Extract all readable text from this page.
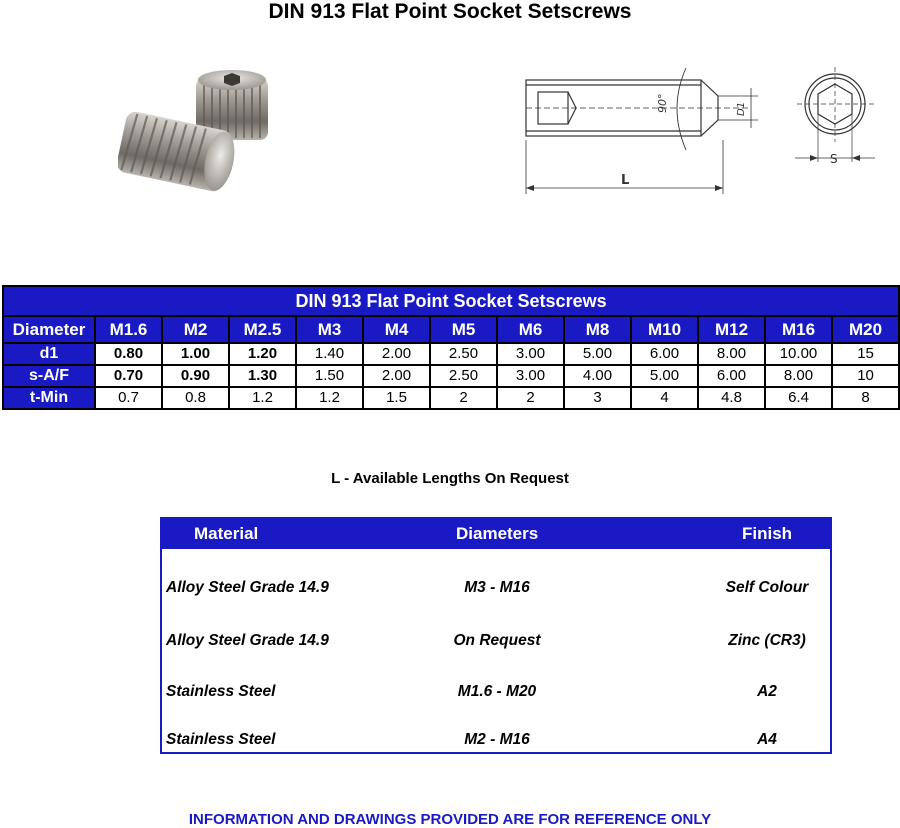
DIN 913 Flat Point Socket Setscrews
90°	D1
L
S
DIN 913 Flat Point Socket Setscrews												
Diameter	M1.6	M2	M2.5	M3	M4	M5	M6	M8	M10	M12	M16	M20
d1	0.80	1.00	1.20	1.40	2.00	2.50	3.00	5.00	6.00	8.00	10.00	15
s-A/F	0.70	0.90	1.30	1.50	2.00	2.50	3.00	4.00	5.00	6.00	8.00	10
t-Min	0.7	0.8	1.2	1.2	1.5	2	2	3	4	4.8	6.4	8
L - Available Lengths On Request
Material	Diameters	Finish
Alloy Steel Grade 14.9	M3 - M16	Self Colour
Alloy Steel Grade 14.9	On Request	Zinc (CR3)
Stainless Steel	M1.6 - M20	A2
Stainless Steel	M2 - M16	A4
INFORMATION AND DRAWINGS PROVIDED ARE FOR REFERENCE ONLY
